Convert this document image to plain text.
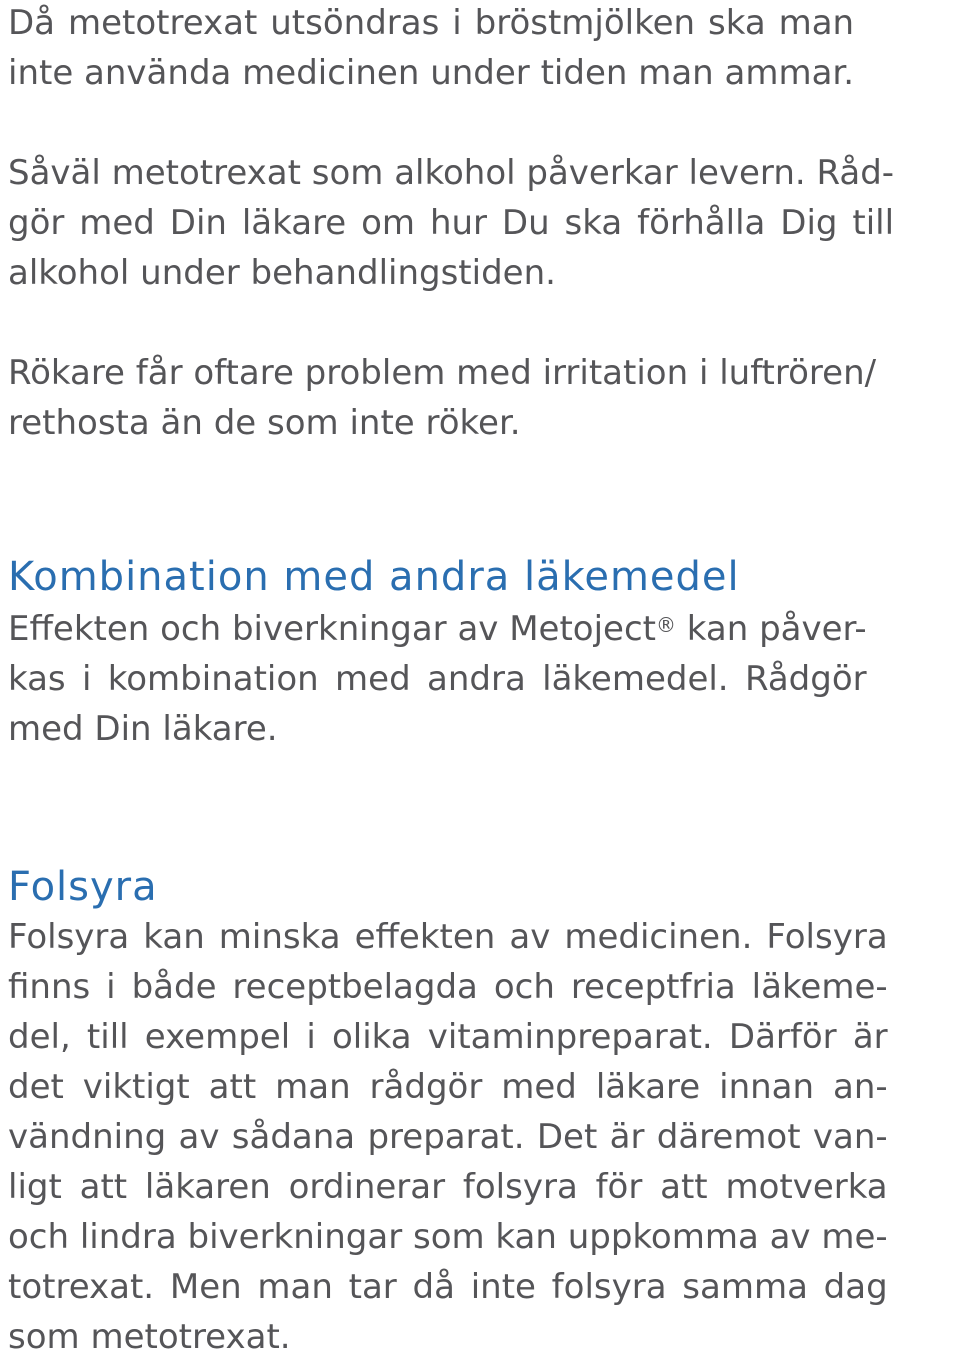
Då metotrexat utsöndras i bröstmjölken ska man
inte använda medicinen under tiden man ammar.
Såväl metotrexat som alkohol påverkar levern. Råd-
gör med Din läkare om hur Du ska förhålla Dig till
alkohol under behandlingstiden.
Rökare får oftare problem med irritation i luftrören/
rethosta än de som inte röker.
Kombination med andra läkemedel
Effekten och biverkningar av Metoject® kan påver-
kas i kombination med andra läkemedel. Rådgör
med Din läkare.
Folsyra
Folsyra kan minska effekten av medicinen. Folsyra
finns i både receptbelagda och receptfria läkeme-
del, till exempel i olika vitaminpreparat. Därför är
det viktigt att man rådgör med läkare innan an-
vändning av sådana preparat. Det är däremot van-
ligt att läkaren ordinerar folsyra för att motverka
och lindra biverkningar som kan uppkomma av me-
totrexat. Men man tar då inte folsyra samma dag
som metotrexat.
